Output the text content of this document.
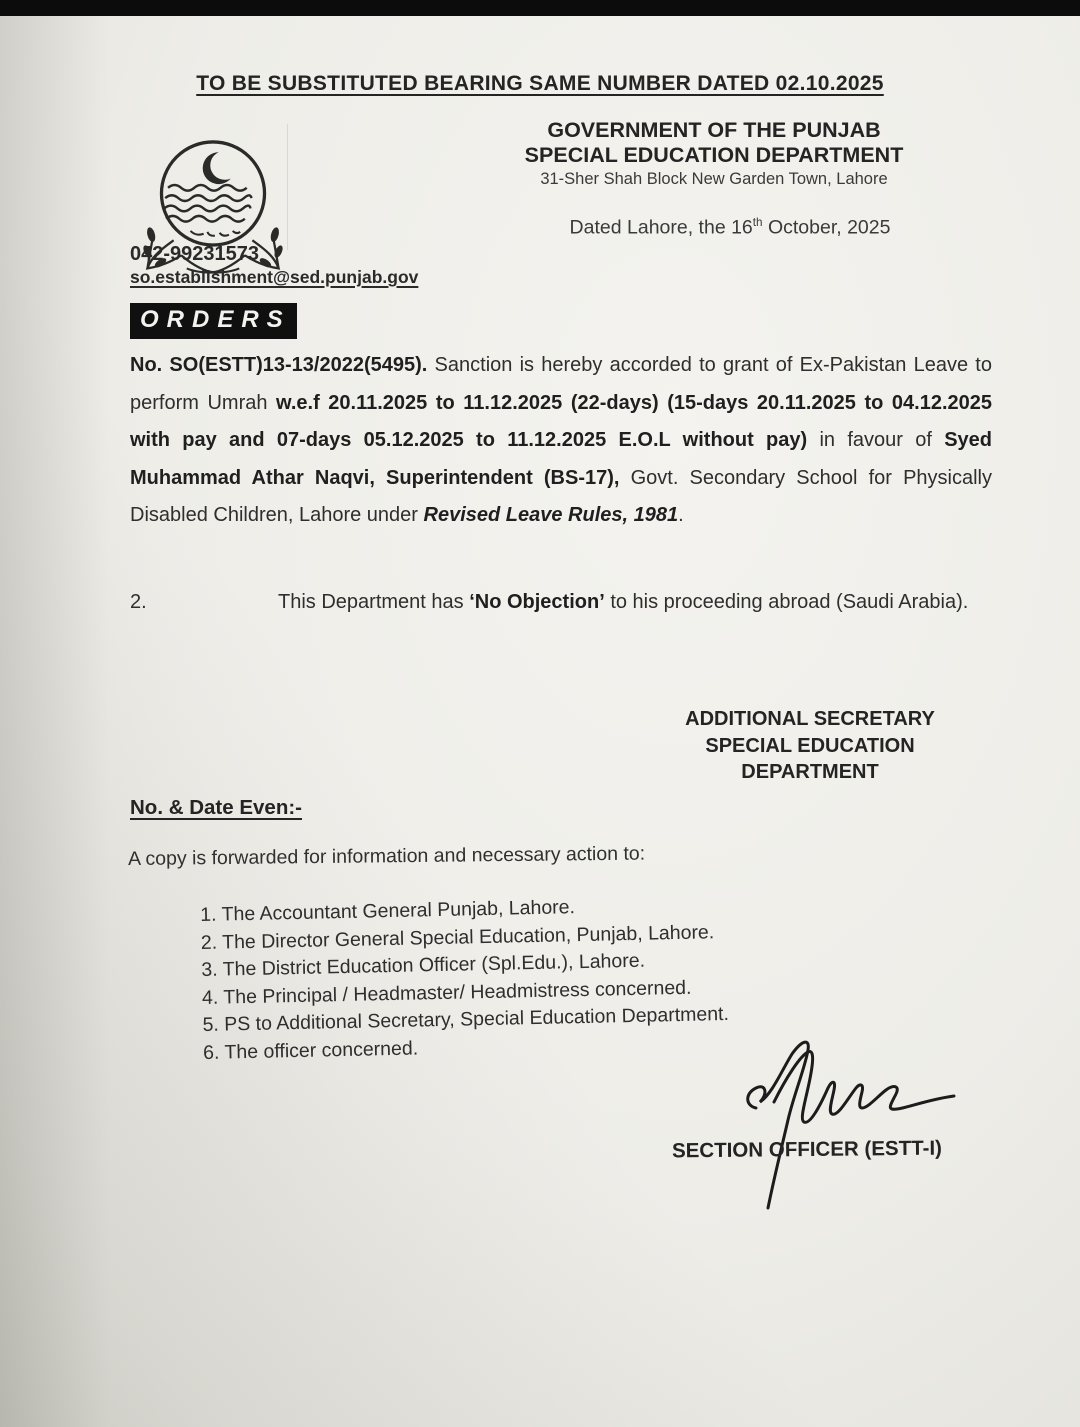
TO BE SUBSTITUTED BEARING SAME NUMBER DATED 02.10.2025
GOVERNMENT OF THE PUNJAB
SPECIAL EDUCATION DEPARTMENT
31-Sher Shah Block New Garden Town, Lahore
Dated Lahore, the 16th October, 2025
042-99231573
so.establishment@sed.punjab.gov
ORDERS
No. SO(ESTT)13-13/2022(5495). Sanction is hereby accorded to grant of Ex-Pakistan Leave to perform Umrah w.e.f 20.11.2025 to 11.12.2025 (22-days) (15-days 20.11.2025 to 04.12.2025 with pay and 07-days 05.12.2025 to 11.12.2025 E.O.L without pay) in favour of Syed Muhammad Athar Naqvi, Superintendent (BS-17), Govt. Secondary School for Physically Disabled Children, Lahore under Revised Leave Rules, 1981.
2.	This Department has ‘No Objection’ to his proceeding abroad (Saudi Arabia).
ADDITIONAL SECRETARY
SPECIAL EDUCATION
DEPARTMENT
No. & Date Even:-
A copy is forwarded for information and necessary action to:
1. The Accountant General Punjab, Lahore.
2. The Director General Special Education, Punjab, Lahore.
3. The District Education Officer (Spl.Edu.), Lahore.
4. The Principal / Headmaster/ Headmistress concerned.
5. PS to Additional Secretary, Special Education Department.
6. The officer concerned.
SECTION OFFICER (ESTT-I)
